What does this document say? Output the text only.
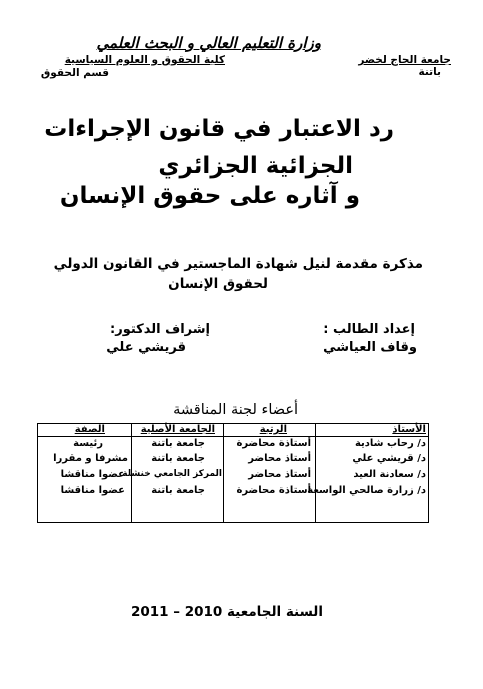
وزارة التعليم العالي و البحث العلمي
جامعة الحاج لخضر
باتنة
كلية الحقوق و العلوم السياسية
قسم الحقوق
رد الاعتبار في قانون الإجراءات
الجزائية الجزائري
و آثاره على حقوق الإنسان
مذكرة مقدمة لنيل شهادة الماجستير في القانون الدولي
لحقوق الإنسان
إعداد الطالب :
وقاف العياشي
إشراف الدكتور:
قريشي علي
أعضاء لجنة المناقشة
الأستاذ
د/ رحاب شادية
د/ قريشي علي
د/ سعادنة العيد
د/ زرارة صالحي الواسعة
الرتبة
أستاذة محاضرة
أستاذ محاضر
أستاذ محاضر
أستاذة محاضرة
الجامعة الأصلية
جامعة باتنة
جامعة باتنة
المركز الجامعي خنشلة
جامعة باتنة
الصفة
رئيسة
مشرفا و مقررا
عضوا مناقشا
عضوا مناقشا
السنة الجامعية 2010 – 2011
